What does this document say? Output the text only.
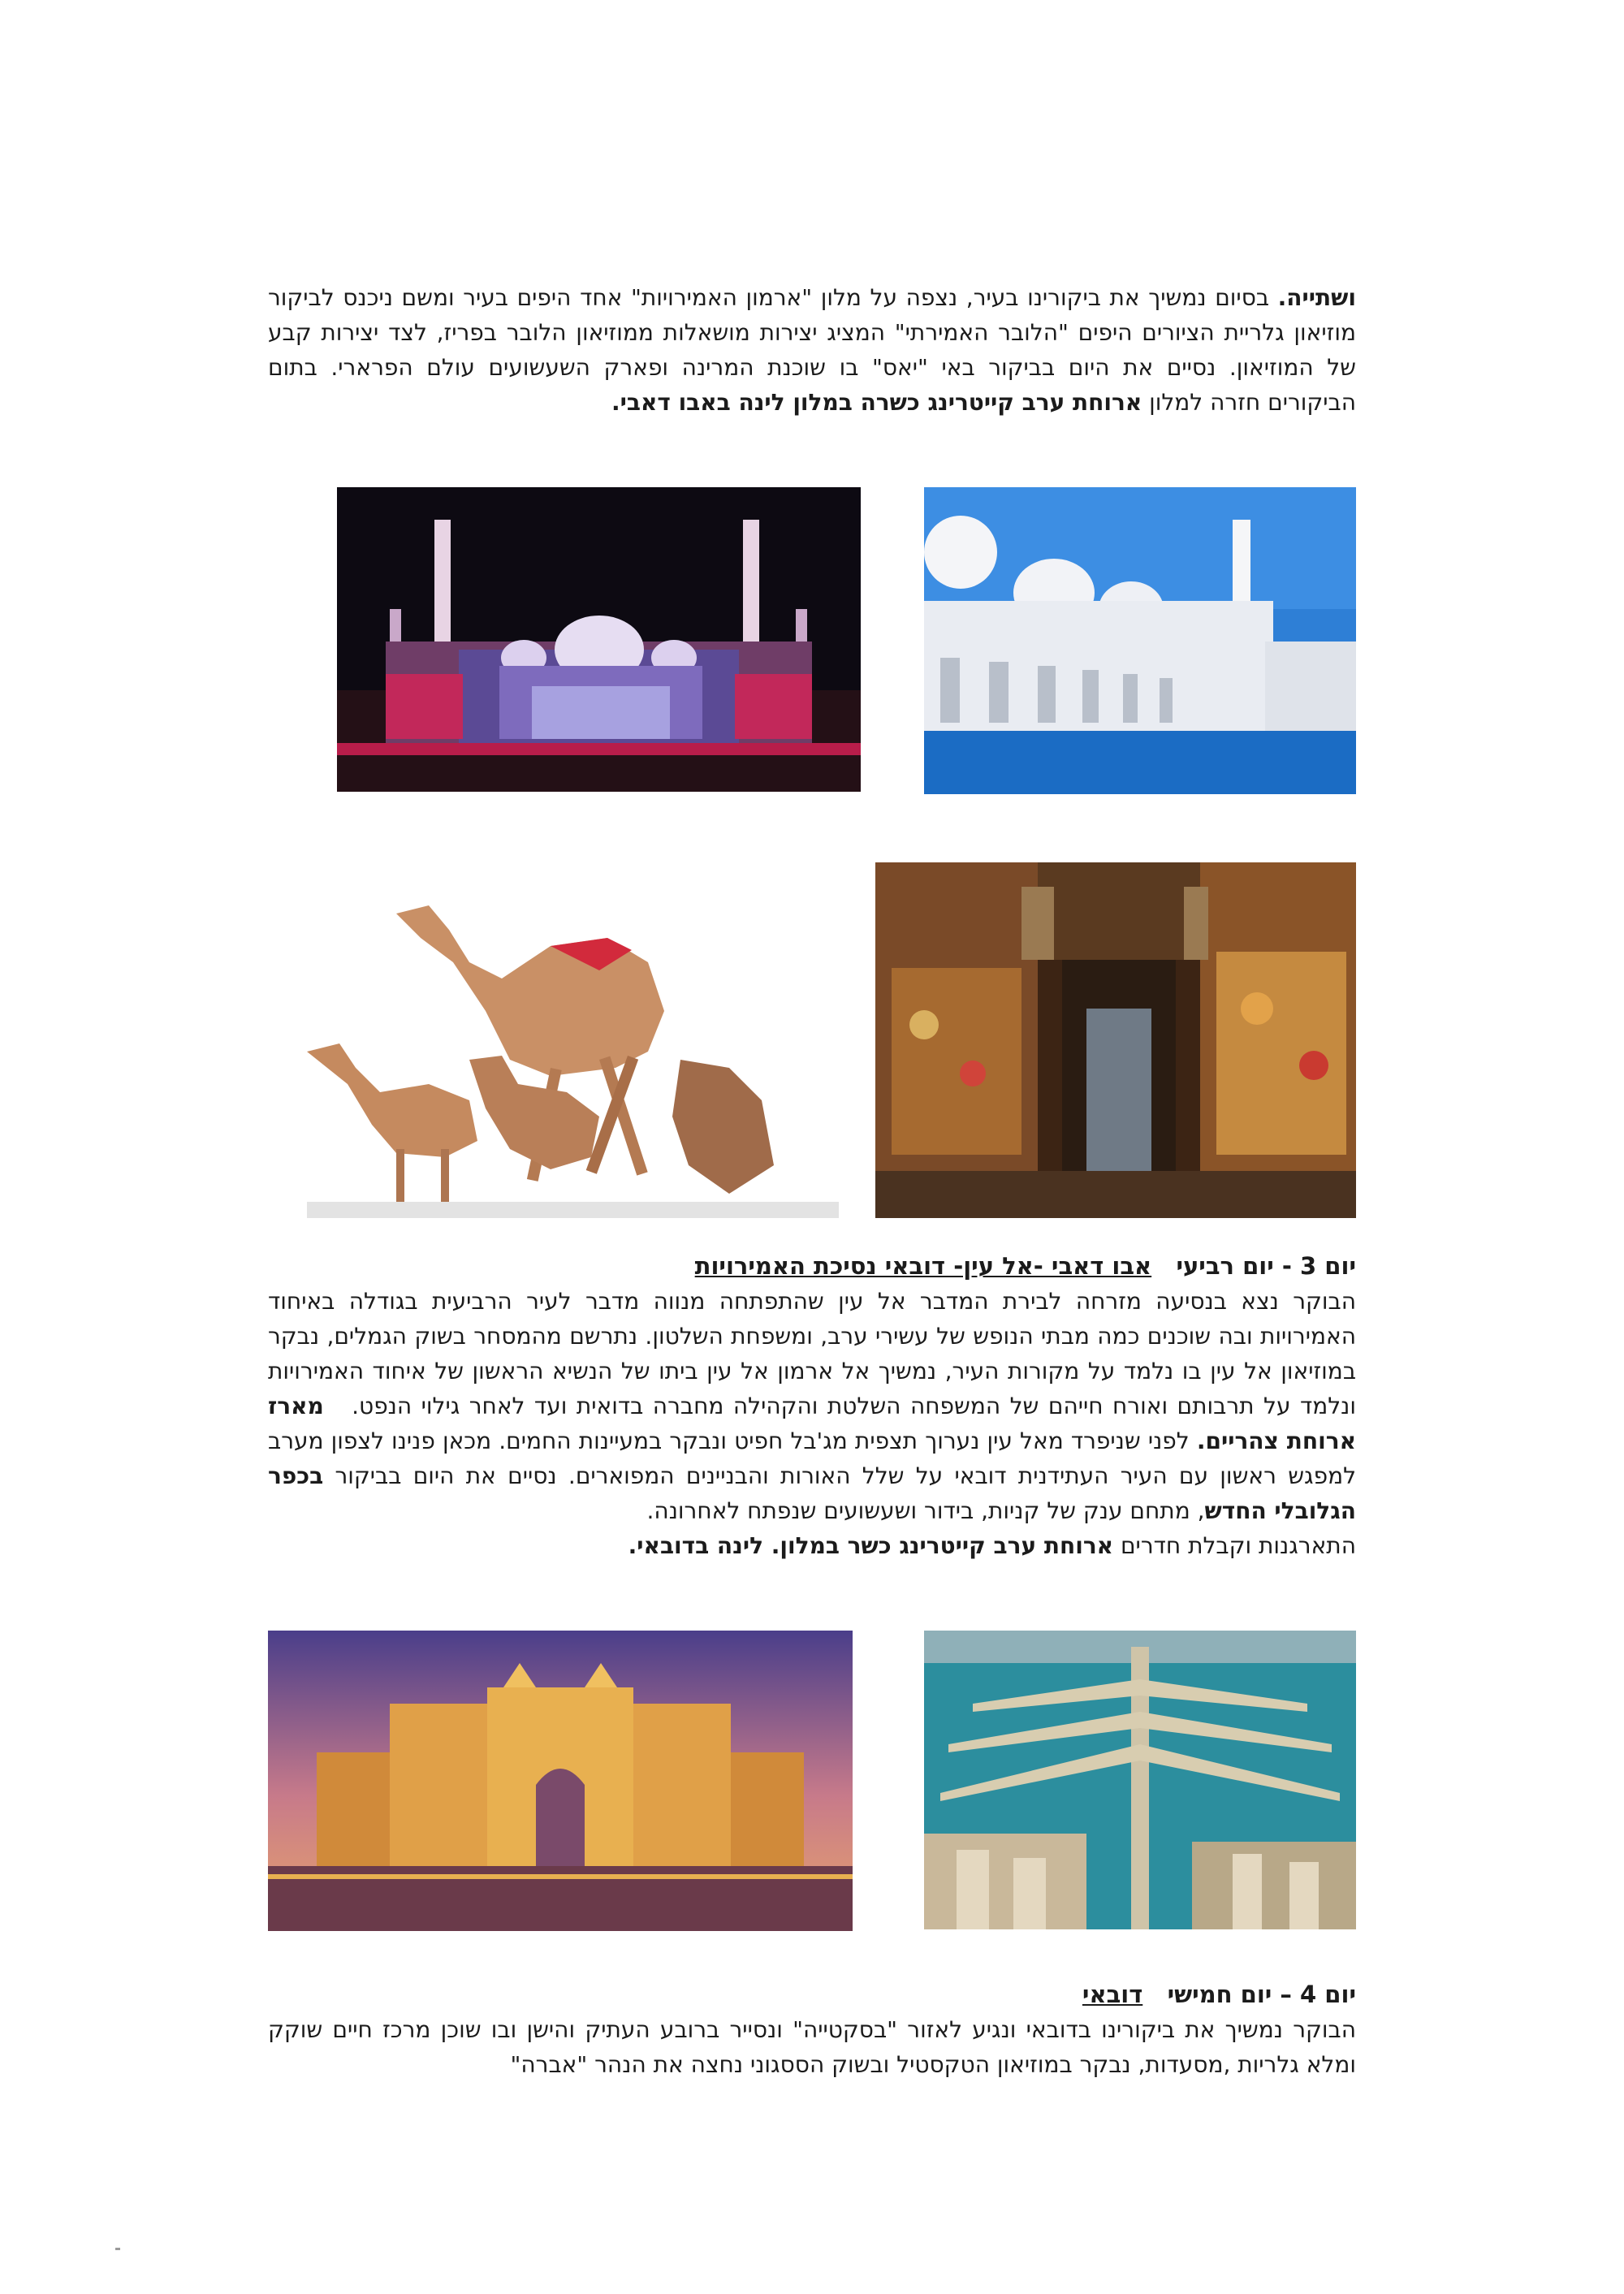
ושתייה. בסיום נמשיך את ביקורינו בעיר, נצפה על מלון "ארמון האמירויות" אחד היפים בעיר ומשם ניכנס לביקור מוזיאון גלריית הציורים היפים "הלובר האמירתי" המציג יצירות מושאלות ממוזיאון הלובר בפריז, לצד יצירות קבע של המוזיאון. נסיים את היום בביקור באי "יאס" בו שוכנת המרינה ופארק השעשועים עולם הפרארי. בתום הביקורים חזרה למלון ארוחת ערב קייטרינג כשרה במלון לינה באבו דאבי.

יום 3 - יום רביעי   אבו דאבי -אל עין- דובאי נסיכת האמירויות

הבוקר נצא בנסיעה מזרחה לבירת המדבר אל עין שהתפתחה מנווה מדבר לעיר הרביעית בגודלה באיחוד האמירויות ובה שוכנים כמה מבתי הנופש של עשירי ערב, ומשפחת השלטון. נתרשם מהמסחר בשוק הגמלים, נבקר במוזיאון אל עין בו נלמד על מקורות העיר, נמשיך אל ארמון אל עין ביתו של הנשיא הראשון של איחוד האמירויות ונלמד על תרבותם ואורח חייהם של המשפחה השלטת והקהילה מחברה בדואית ועד לאחר גילוי הנפט.   מארז ארוחת צהריים. לפני שניפרד מאל עין נערוך תצפית מג'בל חפיט ונבקר במעיינות החמים. מכאן פנינו לצפון מערב למפגש ראשון עם העיר העתידנית דובאי על שלל האורות והבניינים המפוארים. נסיים את היום בביקור בכפר הגלובלי החדש, מתחם ענק של קניות, בידור ושעשועים שנפתח לאחרונה.

התארגנות וקבלת חדרים ארוחת ערב קייטרינג כשר במלון. לינה בדובאי.

יום 4 – יום חמישי   דובאי

הבוקר נמשיך את ביקורינו בדובאי ונגיע לאזור "בסקטייה" ונסייר ברובע העתיק והישן ובו שוכן מרכז חיים שוקק ומלא גלריות ,מסעדות, נבקר במוזיאון הטקסטיל ובשוק הססגוני נחצה את הנהר "אברה"
